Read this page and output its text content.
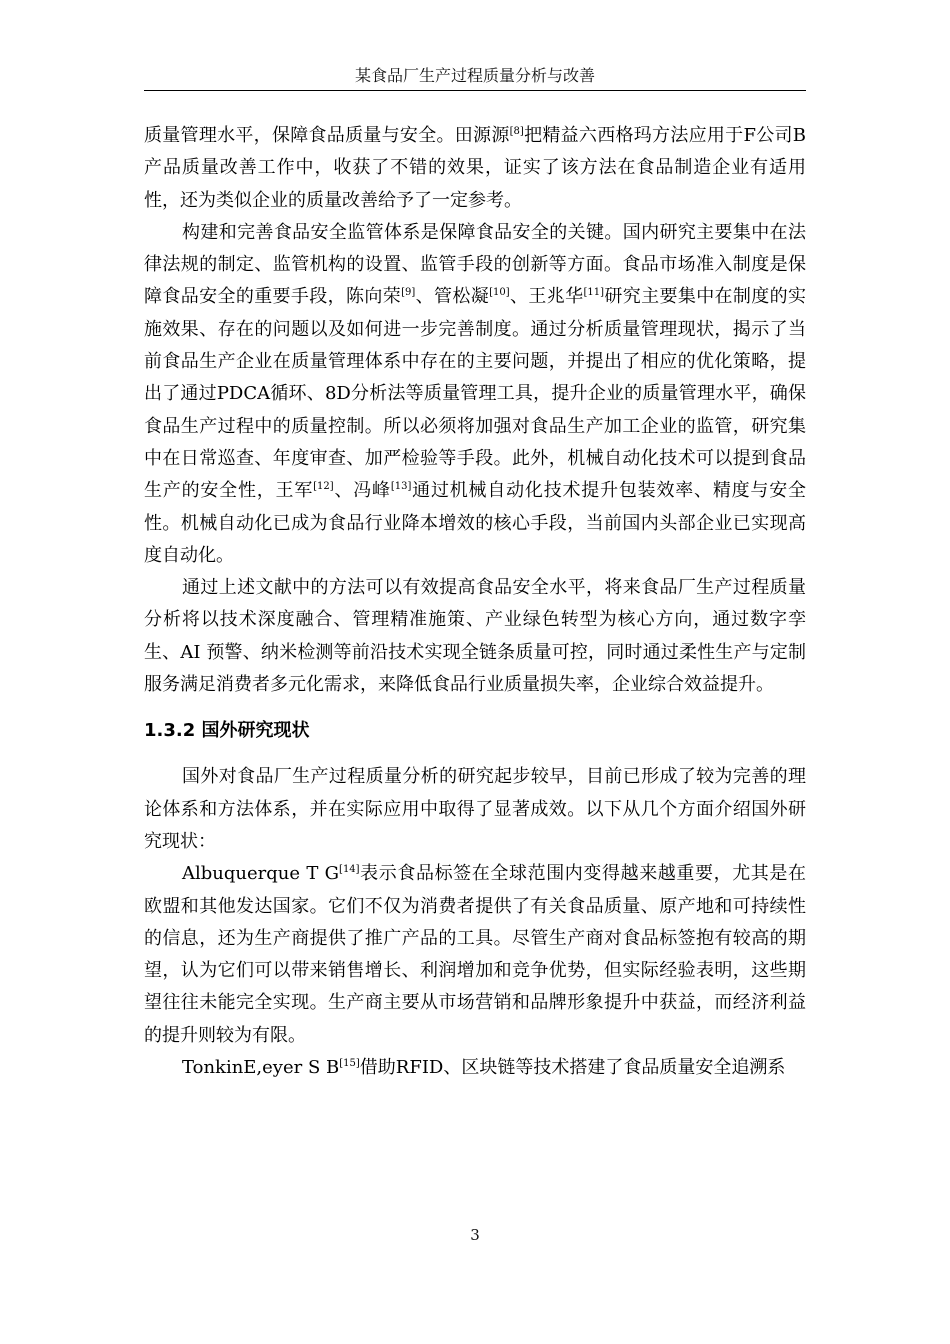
某食品厂生产过程质量分析与改善

质量管理水平，保障食品质量与安全。田源源[8]把精益六西格玛方法应用于F公司B产品质量改善工作中，收获了不错的效果，证实了该方法在食品制造企业有适用性，还为类似企业的质量改善给予了一定参考。

构建和完善食品安全监管体系是保障食品安全的关键。国内研究主要集中在法律法规的制定、监管机构的设置、监管手段的创新等方面。食品市场准入制度是保障食品安全的重要手段，陈向荣[9]、管松凝[10]、王兆华[11]研究主要集中在制度的实施效果、存在的问题以及如何进一步完善制度。通过分析质量管理现状，揭示了当前食品生产企业在质量管理体系中存在的主要问题，并提出了相应的优化策略，提出了通过PDCA循环、8D分析法等质量管理工具，提升企业的质量管理水平，确保食品生产过程中的质量控制。所以必须将加强对食品生产加工企业的监管，研究集中在日常巡查、年度审查、加严检验等手段。此外，机械自动化技术可以提到食品生产的安全性，王军[12]、冯峰[13]通过机械自动化技术提升包装效率、精度与安全性。机械自动化已成为食品行业降本增效的核心手段，当前国内头部企业已实现高度自动化。

通过上述文献中的方法可以有效提高食品安全水平，将来食品厂生产过程质量分析将以技术深度融合、管理精准施策、产业绿色转型为核心方向，通过数字孪生、AI 预警、纳米检测等前沿技术实现全链条质量可控，同时通过柔性生产与定制服务满足消费者多元化需求，来降低食品行业质量损失率，企业综合效益提升。

1.3.2 国外研究现状

国外对食品厂生产过程质量分析的研究起步较早，目前已形成了较为完善的理论体系和方法体系，并在实际应用中取得了显著成效。以下从几个方面介绍国外研究现状：

Albuquerque T G[14]表示食品标签在全球范围内变得越来越重要，尤其是在欧盟和其他发达国家。它们不仅为消费者提供了有关食品质量、原产地和可持续性的信息，还为生产商提供了推广产品的工具。尽管生产商对食品标签抱有较高的期望，认为它们可以带来销售增长、利润增加和竞争优势，但实际经验表明，这些期望往往未能完全实现。生产商主要从市场营销和品牌形象提升中获益，而经济利益的提升则较为有限。

TonkinE,eyer S B[15]借助RFID、区块链等技术搭建了食品质量安全追溯系

3
